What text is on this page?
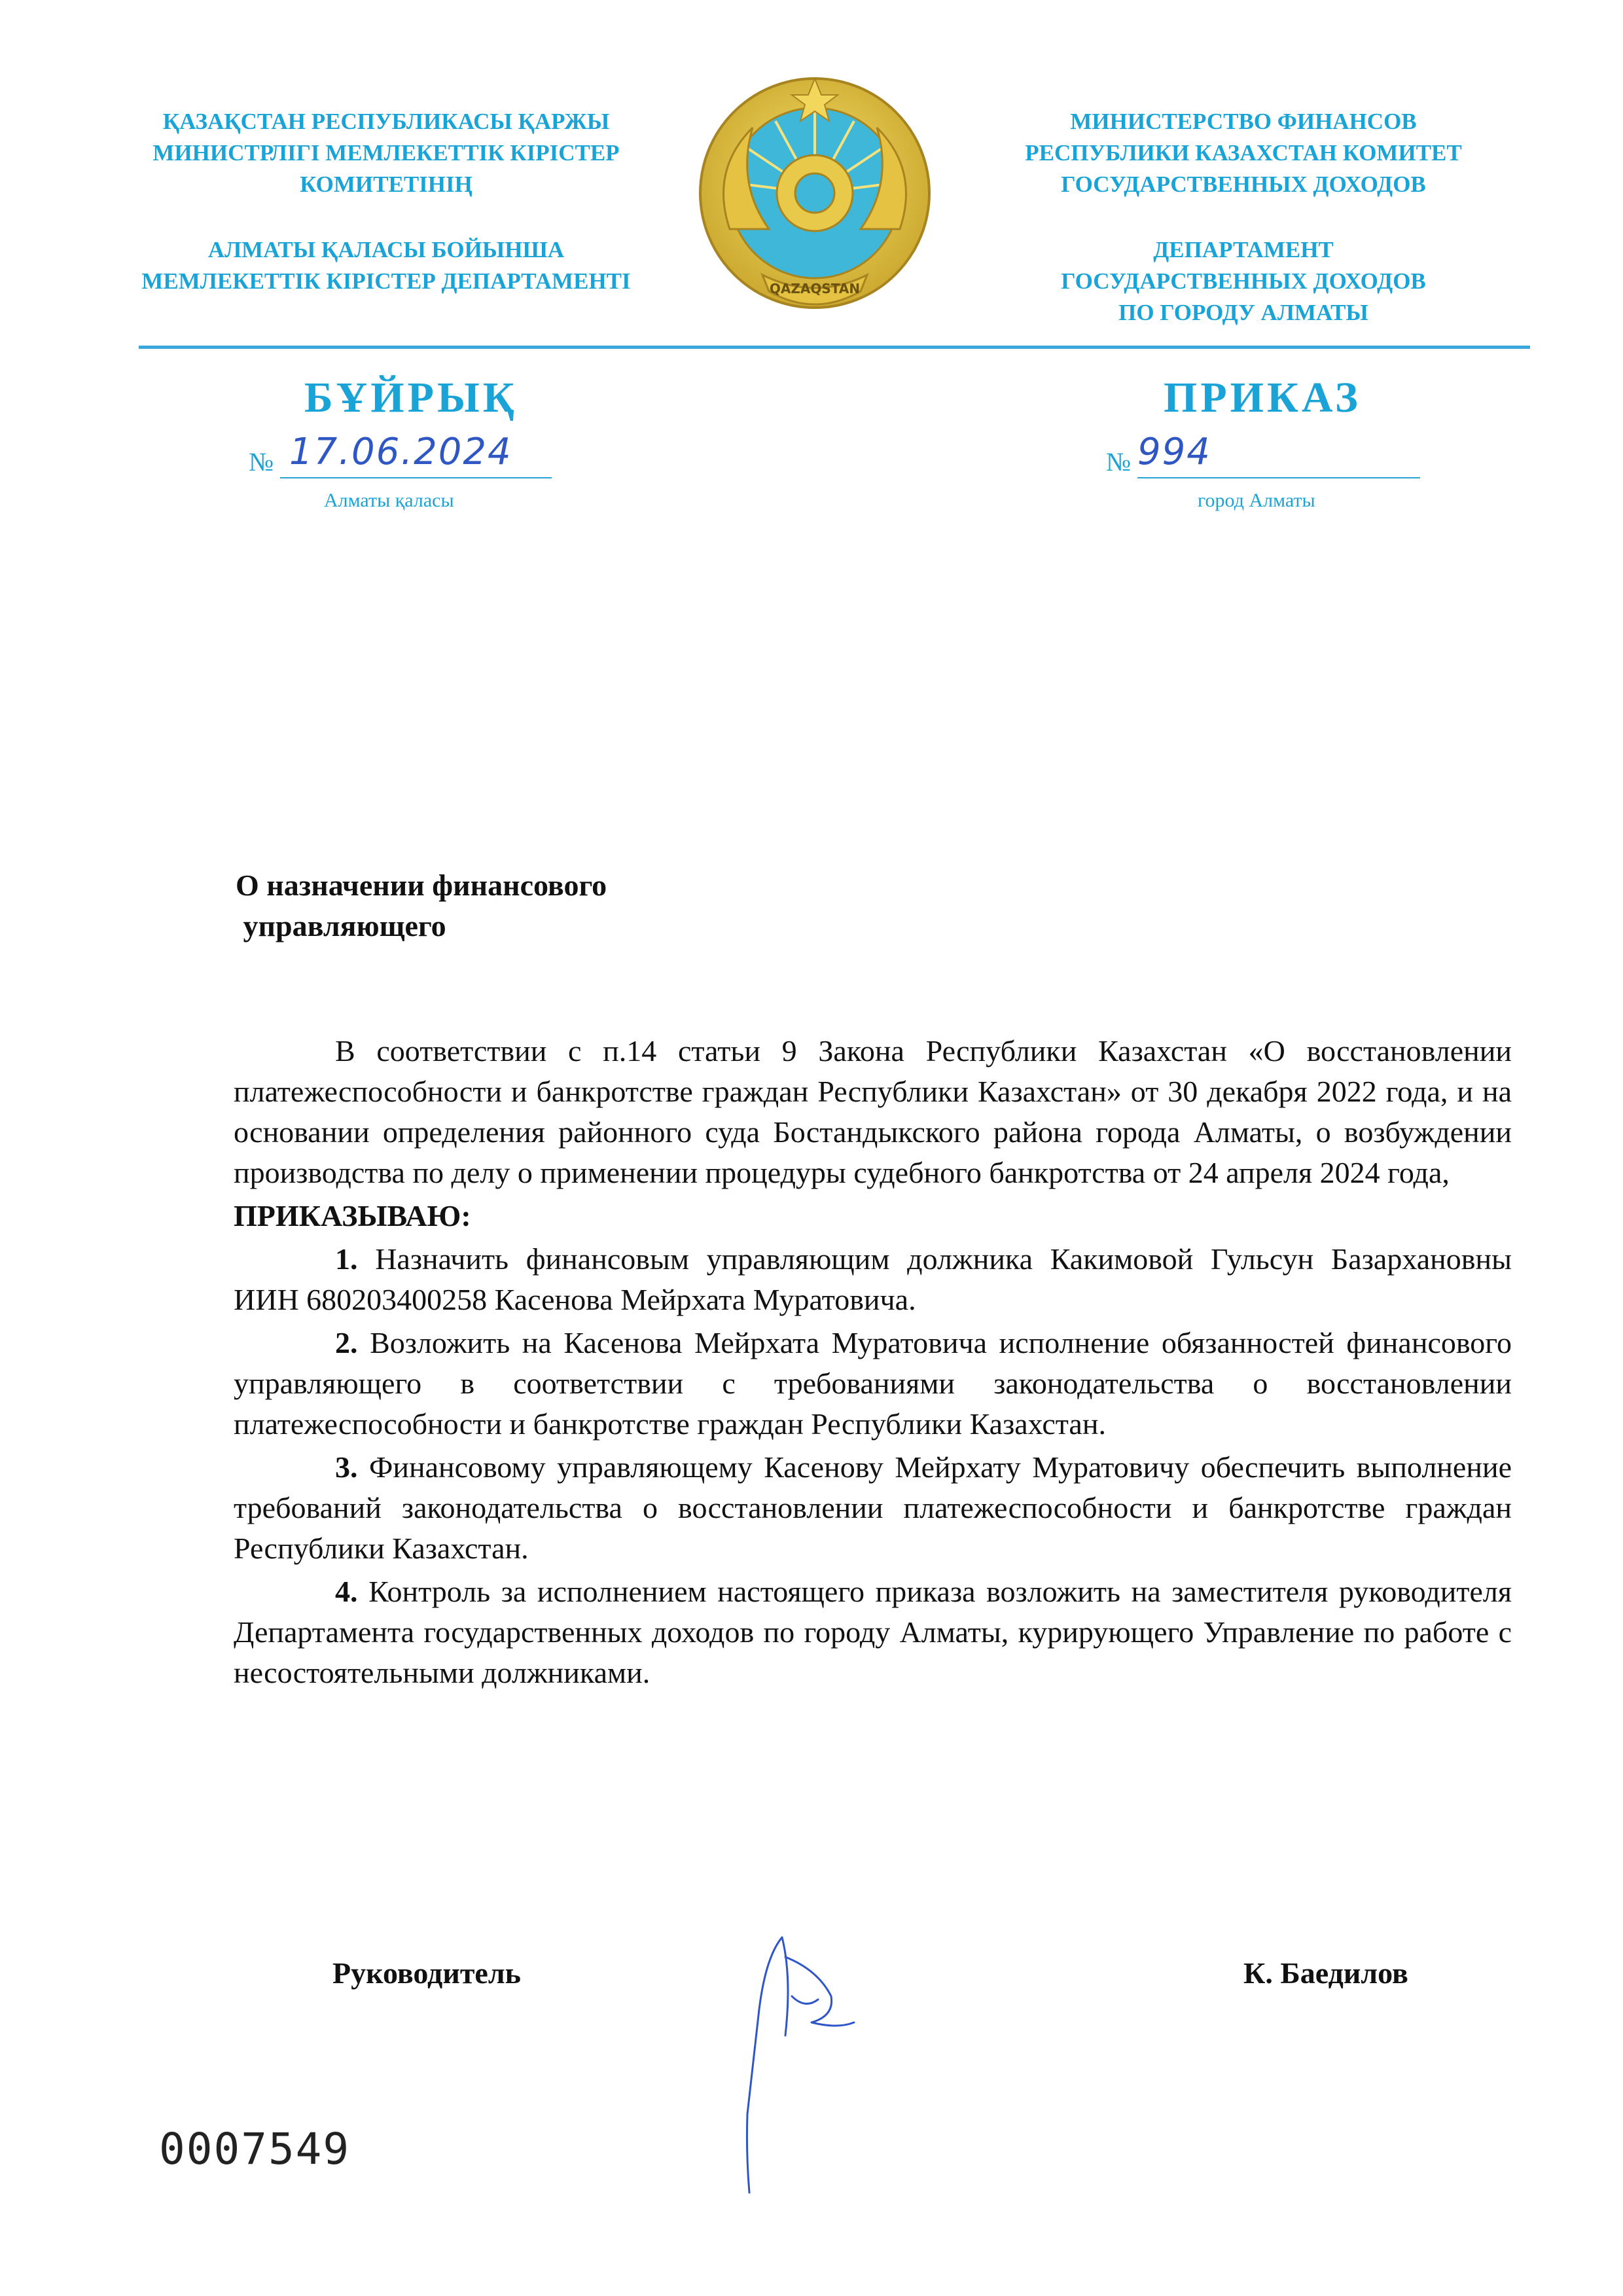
ҚАЗАҚСТАН РЕСПУБЛИКАСЫ ҚАРЖЫ
МИНИСТРЛІГІ МЕМЛЕКЕТТІК КІРІСТЕР
КОМИТЕТІНІҢ
АЛМАТЫ ҚАЛАСЫ БОЙЫНША
МЕМЛЕКЕТТІК КІРІСТЕР ДЕПАРТАМЕНТІ	QAZAQSTAN
МИНИСТЕРСТВО ФИНАНСОВ
РЕСПУБЛИКИ КАЗАХСТАН КОМИТЕТ
ГОСУДАРСТВЕННЫХ ДОХОДОВ
ДЕПАРТАМЕНТ
ГОСУДАРСТВЕННЫХ ДОХОДОВ
ПО ГОРОДУ АЛМАТЫ
БҰЙРЫҚ	ПРИКАЗ
№ 17.06.2024	№ 994
Алматы қаласы	город Алматы
О назначении финансового
управляющего

В соответствии с п.14 статьи 9 Закона Республики Казахстан «О восстановлении платежеспособности и банкротстве граждан Республики Казахстан» от 30 декабря 2022 года, и на основании определения районного суда Бостандыкского района города Алматы, о возбуждении производства по делу о применении процедуры судебного банкротства от 24 апреля 2024 года,

ПРИКАЗЫВАЮ:

1. Назначить финансовым управляющим должника Какимовой Гульсун Базархановны ИИН 680203400258 Касенова Мейрхата Муратовича.

2. Возложить на Касенова Мейрхата Муратовича исполнение обязанностей финансового управляющего в соответствии с требованиями законодательства о восстановлении платежеспособности и банкротстве граждан Республики Казахстан.

3. Финансовому управляющему Касенову Мейрхату Муратовичу обеспечить выполнение требований законодательства о восстановлении платежеспособности и банкротстве граждан Республики Казахстан.

4. Контроль за исполнением настоящего приказа возложить на заместителя руководителя Департамента государственных доходов по городу Алматы, курирующего Управление по работе с несостоятельными должниками.

Руководитель	К. Баедилов
0007549
